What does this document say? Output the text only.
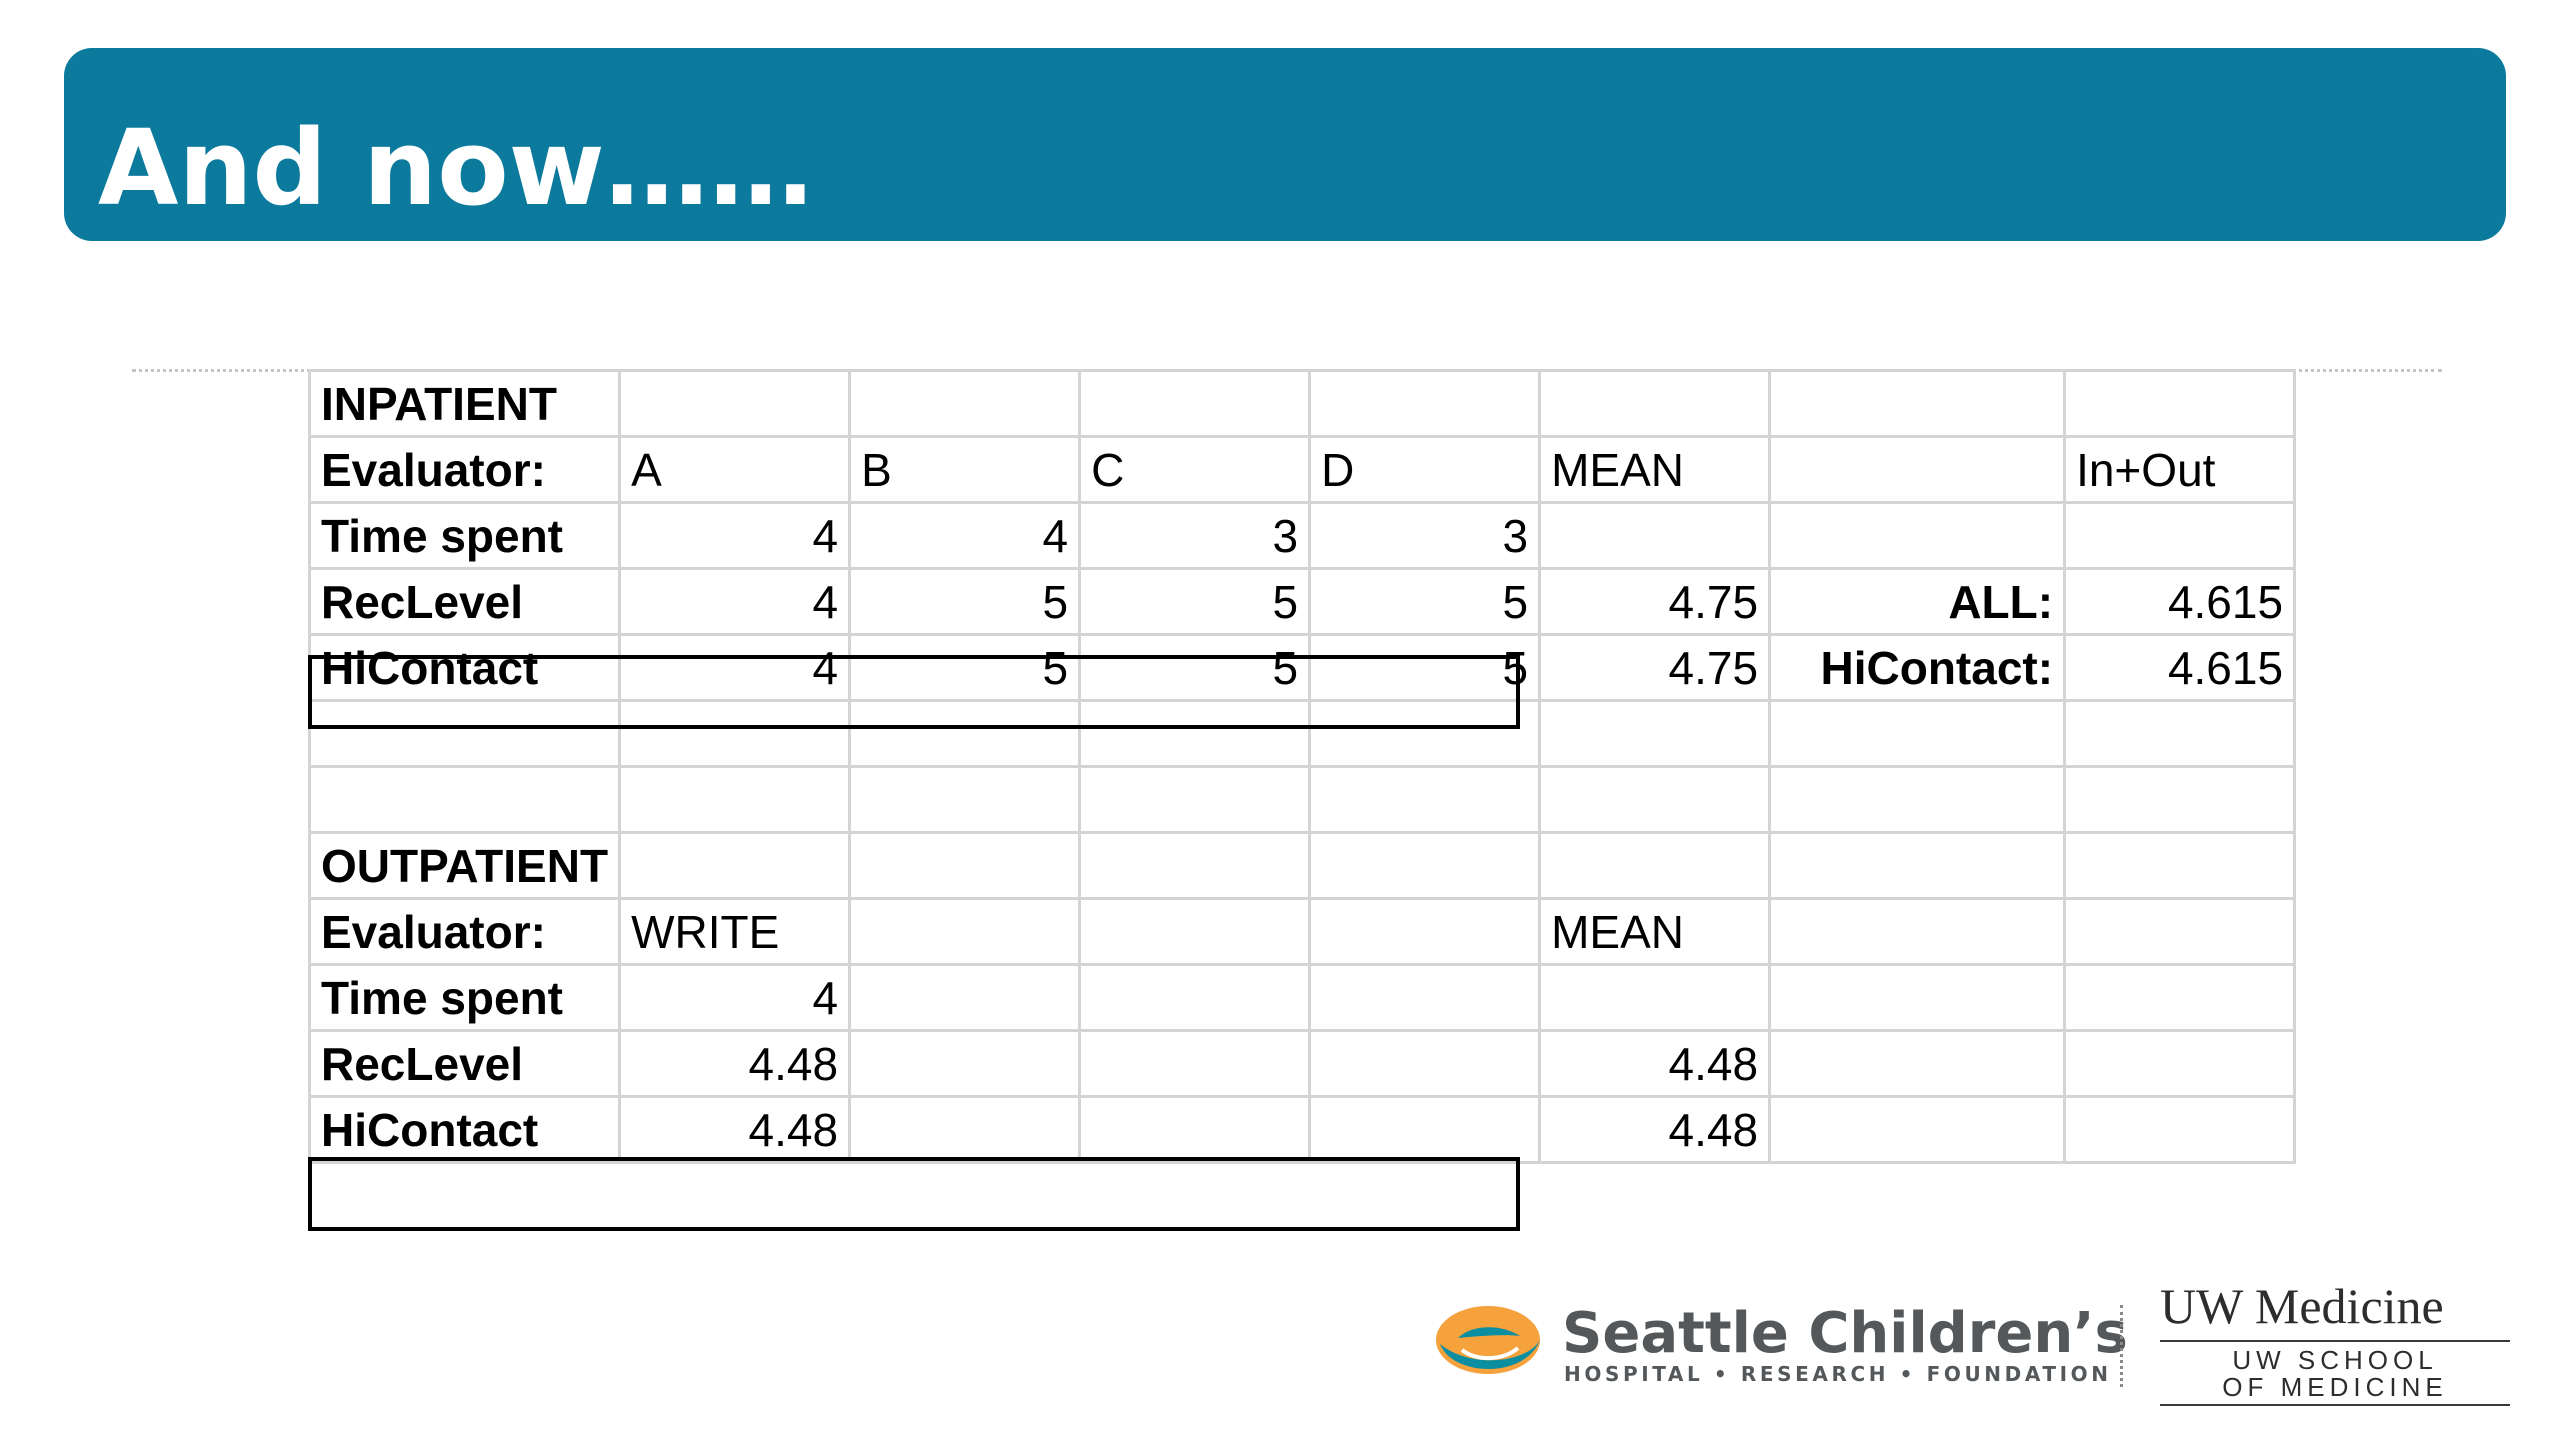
And now……
INPATIENT							
Evaluator:	A	B	C	D	MEAN		In+Out
Time spent	4	4	3	3			
RecLevel	4	5	5	5	4.75	ALL:	4.615
HiContact	4	5	5	5	4.75	HiContact:	4.615

OUTPATIENT							
Evaluator:	WRITE				MEAN		
Time spent	4						
RecLevel	4.48				4.48		
HiContact	4.48				4.48		
Seattle Children’s
HOSPITAL • RESEARCH • FOUNDATION
UW Medicine
UW SCHOOL
OF MEDICINE
